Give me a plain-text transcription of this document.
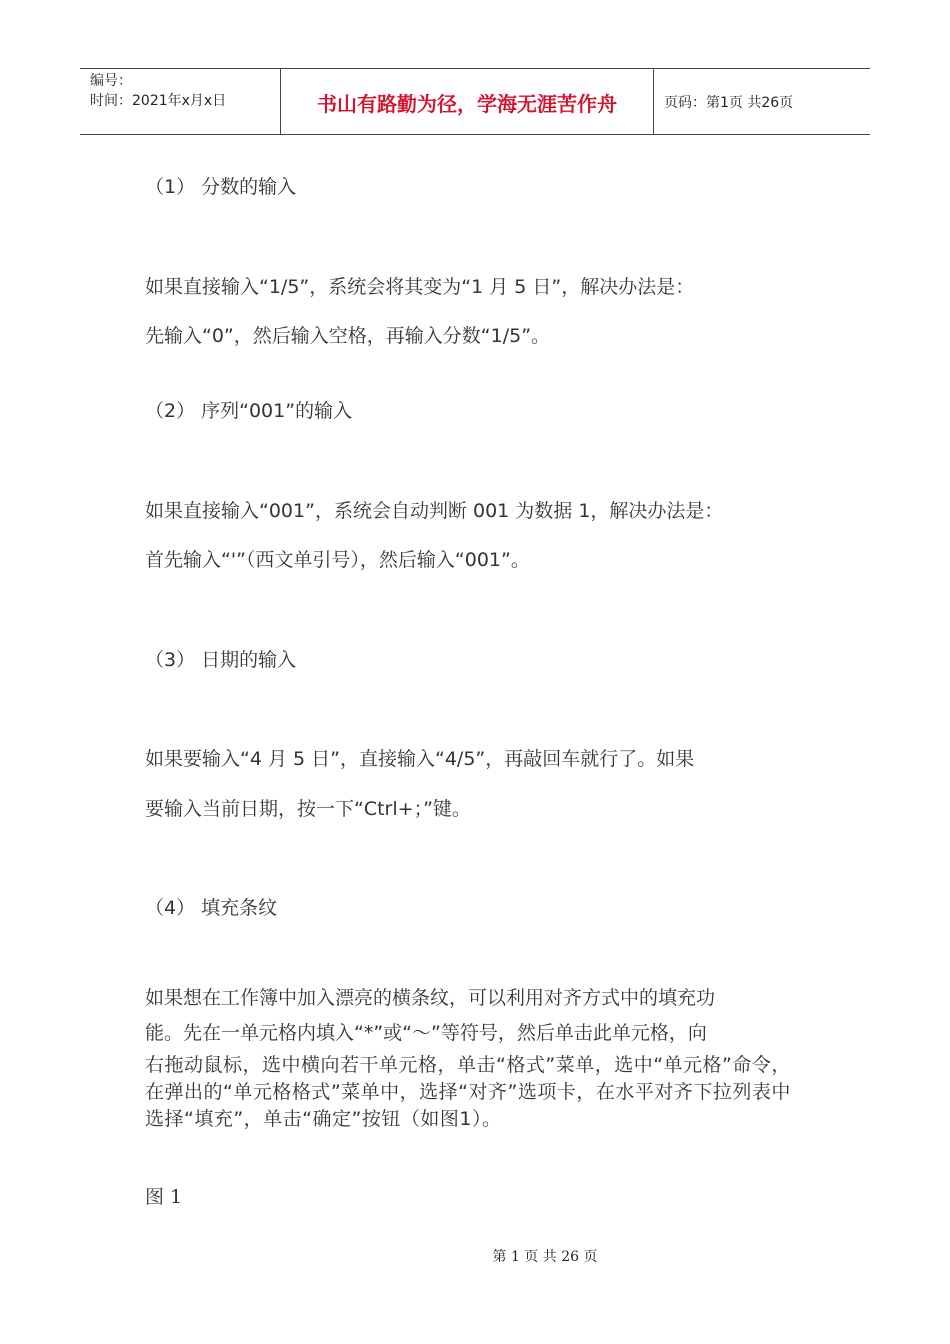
编号：
时间：2021年x月x日	书山有路勤为径，学海无涯苦作舟	页码：第1页 共26页
（1） 分数的输入
如果直接输入“1/5”，系统会将其变为“1 月 5 日”，解决办法是：
先输入“0”，然后输入空格，再输入分数“1/5”。
（2） 序列“001”的输入
如果直接输入“001”，系统会自动判断 001 为数据 1，解决办法是：
首先输入“'”（西文单引号），然后输入“001”。
（3） 日期的输入
如果要输入“4 月 5 日”，直接输入“4/5”，再敲回车就行了。如果
要输入当前日期，按一下“Ctrl+；”键。
（4） 填充条纹
如果想在工作簿中加入漂亮的横条纹，可以利用对齐方式中的填充功
能。先在一单元格内填入“*”或“～”等符号，然后单击此单元格，向
右拖动鼠标，选中横向若干单元格，单击“格式”菜单，选中“单元格”命令，在弹出的“单元格格式”菜单中，选择“对齐”选项卡，在水平对齐下拉列表中选择“填充”，单击“确定”按钮（如图1）。
图 1
第 1 页 共 26 页
